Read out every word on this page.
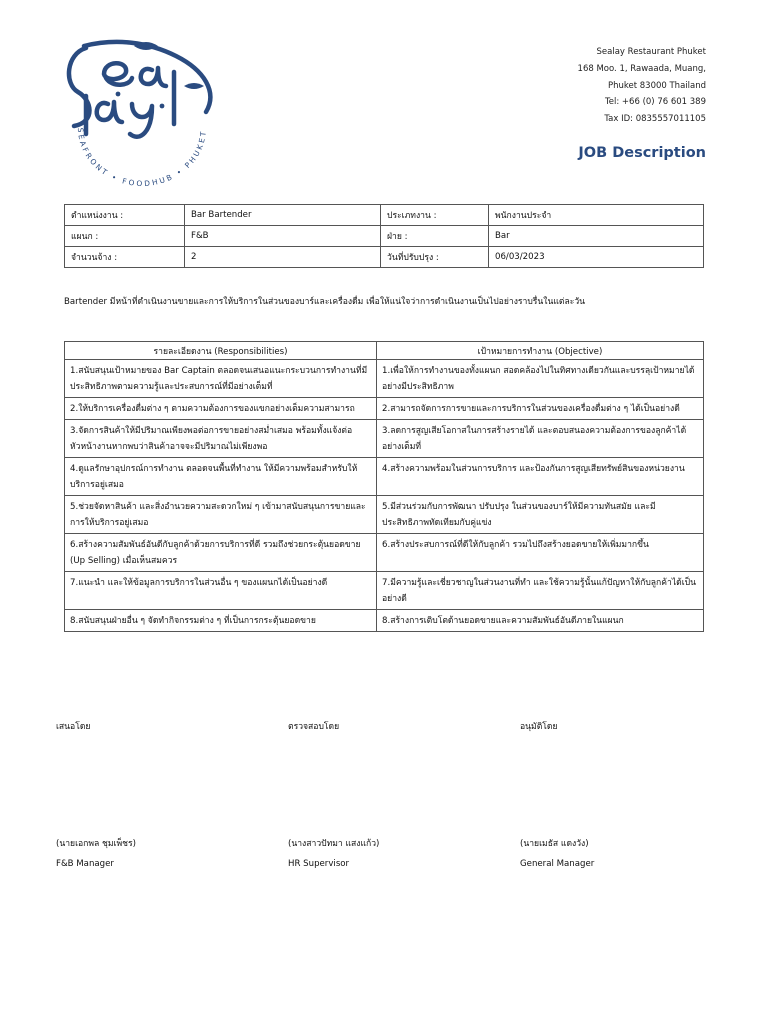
SEAFRONT • FOODHUB • PHUKET
Sealay Restaurant Phuket
168 Moo. 1, Rawaada, Muang,
Phuket 83000 Thailand
Tel: +66 (0) 76 601 389
Tax ID: 0835557011105
JOB Description
ตำแหน่งงาน :	Bar Bartender	ประเภทงาน :	พนักงานประจำ
แผนก :	F&B	ฝ่าย :	Bar
จำนวนจ้าง :	2	วันที่ปรับปรุง :	06/03/2023
Bartender มีหน้าที่ดำเนินงานขายและการให้บริการในส่วนของบาร์และเครื่องดื่ม เพื่อให้แน่ใจว่าการดำเนินงานเป็นไปอย่างราบรื่นในแต่ละวัน
รายละเอียดงาน (Responsibilities)	เป้าหมายการทำงาน (Objective)
1.สนับสนุนเป้าหมายของ Bar Captain ตลอดจนเสนอแนะกระบวนการทำงานที่มีประสิทธิภาพตามความรู้และประสบการณ์ที่มีอย่างเต็มที่	1.เพื่อให้การทำงานของทั้งแผนก สอดคล้องไปในทิศทางเดียวกันและบรรลุเป้าหมายได้อย่างมีประสิทธิภาพ
2.ให้บริการเครื่องดื่มต่าง ๆ ตามความต้องการของแขกอย่างเต็มความสามารถ	2.สามารถจัดการการขายและการบริการในส่วนของเครื่องดื่มต่าง ๆ ได้เป็นอย่างดี
3.จัดการสินค้าให้มีปริมาณเพียงพอต่อการขายอย่างสม่ำเสมอ พร้อมทั้งแจ้งต่อหัวหน้างานหากพบว่าสินค้าอาจจะมีปริมาณไม่เพียงพอ	3.ลดการสูญเสียโอกาสในการสร้างรายได้ และตอบสนองความต้องการของลูกค้าได้อย่างเต็มที่
4.ดูแลรักษาอุปกรณ์การทำงาน ตลอดจนพื้นที่ทำงาน ให้มีความพร้อมสำหรับให้บริการอยู่เสมอ	4.สร้างความพร้อมในส่วนการบริการ และป้องกันการสูญเสียทรัพย์สินของหน่วยงาน
5.ช่วยจัดหาสินค้า และสิ่งอำนวยความสะดวกใหม่ ๆ เข้ามาสนับสนุนการขายและการให้บริการอยู่เสมอ	5.มีส่วนร่วมกับการพัฒนา ปรับปรุง ในส่วนของบาร์ให้มีความทันสมัย และมีประสิทธิภาพทัดเทียมกับคู่แข่ง
6.สร้างความสัมพันธ์อันดีกับลูกค้าด้วยการบริการที่ดี รวมถึงช่วยกระตุ้นยอดขาย (Up Selling) เมื่อเห็นสมควร	6.สร้างประสบการณ์ที่ดีให้กับลูกค้า รวมไปถึงสร้างยอดขายให้เพิ่มมากขึ้น
7.แนะนำ และให้ข้อมูลการบริการในส่วนอื่น ๆ ของแผนกได้เป็นอย่างดี	7.มีความรู้และเชี่ยวชาญในส่วนงานที่ทำ และใช้ความรู้นั้นแก้ปัญหาให้กับลูกค้าได้เป็นอย่างดี
8.สนับสนุนฝ่ายอื่น ๆ จัดทำกิจกรรมต่าง ๆ ที่เป็นการกระตุ้นยอดขาย	8.สร้างการเติบโตด้านยอดขายและความสัมพันธ์อันดีภายในแผนก
เสนอโดย	ตรวจสอบโดย	อนุมัติโดย
(นายเอกพล ชุมเพ็ชร)	(นางสาวปัทมา แสงแก้ว)	(นายเมธัส แดงวัง)
F&B Manager	HR Supervisor	General Manager
